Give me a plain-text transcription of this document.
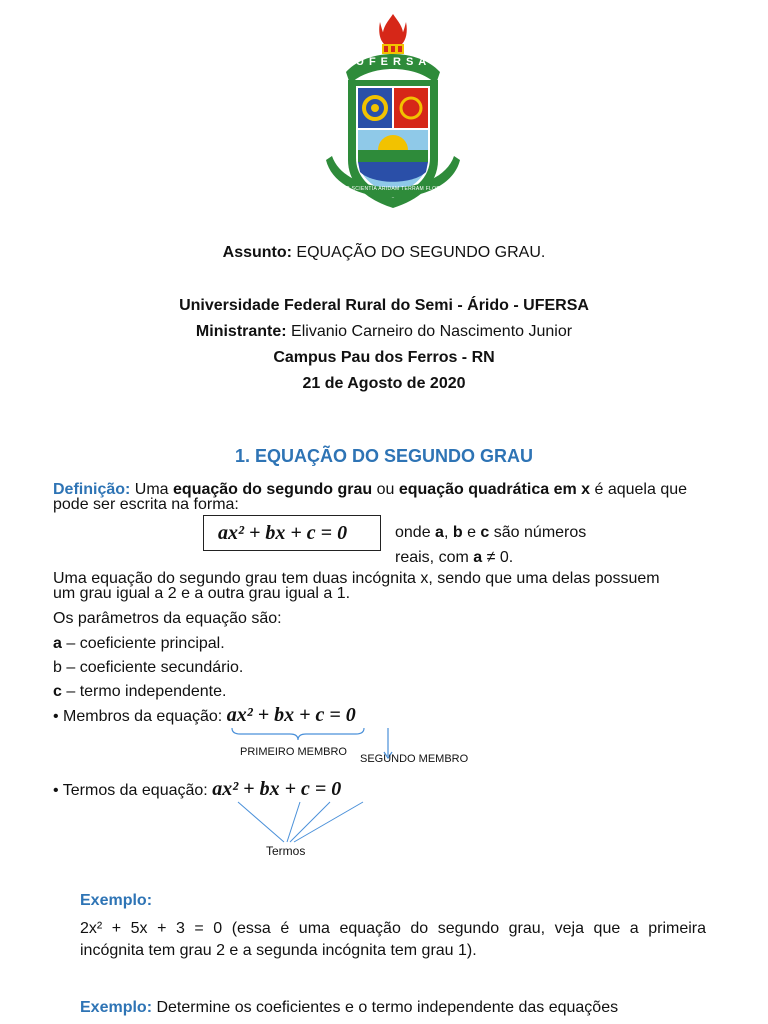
UFERSA
PER SCIENTIA ARIDAM TERRAM FLORET
Assunto: EQUAÇÃO DO SEGUNDO GRAU.
Universidade Federal Rural do Semi - Árido - UFERSA
Ministrante: Elivanio Carneiro do Nascimento Junior
Campus Pau dos Ferros - RN
21 de Agosto de 2020
1. EQUAÇÃO DO SEGUNDO GRAU
Definição: Uma equação do segundo grau ou equação quadrática em x é aquela que
pode ser escrita na forma:
ax² + bx + c = 0	onde a, b e c são números
reais, com a ≠ 0.
Uma equação do segundo grau tem duas incógnita x, sendo que uma delas possuem
um grau igual a 2 e a outra grau igual a 1.
Os parâmetros da equação são:
a – coeficiente principal.
b – coeficiente secundário.
c – termo independente.
• Membros da equação: ax² + bx + c = 0
PRIMEIRO MEMBRO
SEGUNDO MEMBRO
• Termos da equação: ax² + bx + c = 0
Termos
Exemplo:
2x² + 5x + 3 = 0 (essa é uma equação do segundo grau, veja que a primeira
incógnita tem grau 2 e a segunda incógnita tem grau 1).
Exemplo: Determine os coeficientes e o termo independente das equações
